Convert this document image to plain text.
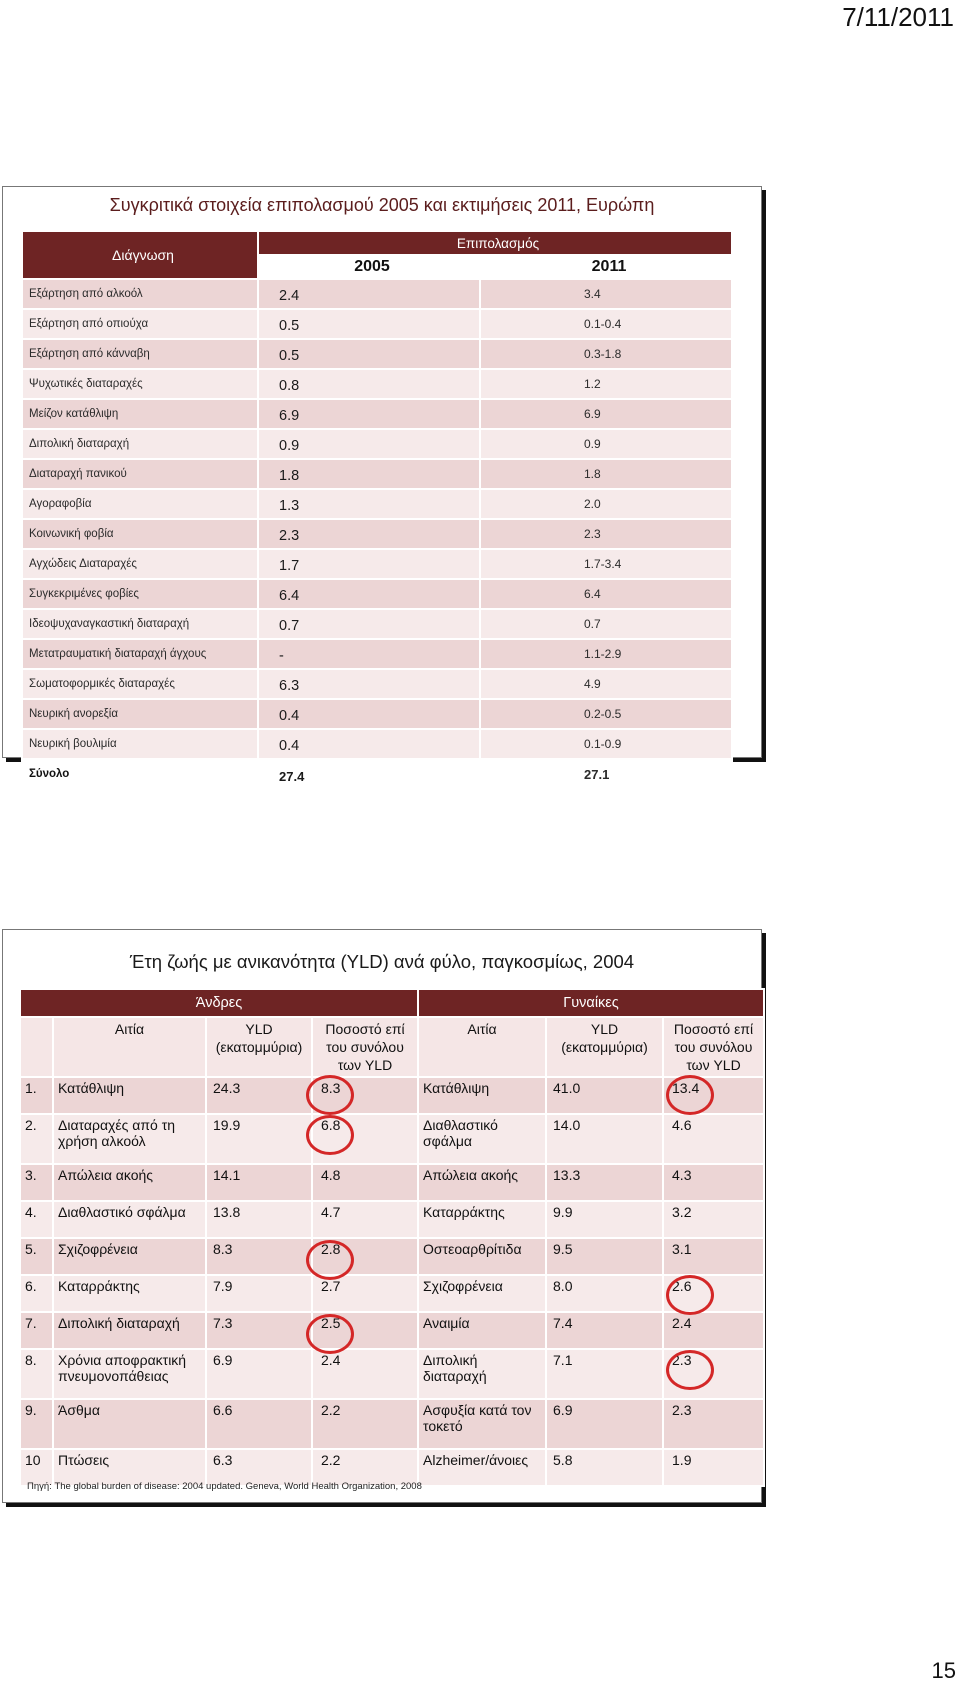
7/11/2011
Συγκριτικά στοιχεία επιπολασμού 2005 και εκτιμήσεις 2011, Ευρώπη
Διάγνωση	Επιπολασμός	
	2005	2011
Εξάρτηση από αλκοόλ	2.4	3.4
Εξάρτηση από οπιούχα	0.5	0.1-0.4
Εξάρτηση από κάνναβη	0.5	0.3-1.8
Ψυχωτικές διαταραχές	0.8	1.2
Μείζον κατάθλιψη	6.9	6.9
Διπολική διαταραχή	0.9	0.9
Διαταραχή πανικού	1.8	1.8
Αγοραφοβία	1.3	2.0
Κοινωνική φοβία	2.3	2.3
Αγχώδεις Διαταραχές	1.7	1.7-3.4
Συγκεκριμένες φοβίες	6.4	6.4
Ιδεοψυχαναγκαστική διαταραχή	0.7	0.7
Μετατραυματική διαταραχή άγχους	-	1.1-2.9
Σωματοφορμικές διαταραχές	6.3	4.9
Νευρική ανορεξία	0.4	0.2-0.5
Νευρική βουλιμία	0.4	0.1-0.9
Σύνολο	27.4	27.1
Έτη ζωής με ανικανότητα (YLD) ανά φύλο, παγκοσμίως, 2004
Άνδρες				Γυναίκες		
	Αιτία	YLD (εκατομμύρια)	Ποσοστό επί του συνόλου των YLD	Αιτία	YLD (εκατομμύρια)	Ποσοστό επί του συνόλου των YLD
1.	Κατάθλιψη	24.3	8.3	Κατάθλιψη	41.0	13.4
2.	Διαταραχές από τη χρήση αλκοόλ	19.9	6.8	Διαθλαστικό σφάλμα	14.0	4.6
3.	Απώλεια ακοής	14.1	4.8	Απώλεια ακοής	13.3	4.3
4.	Διαθλαστικό σφάλμα	13.8	4.7	Καταρράκτης	9.9	3.2
5.	Σχιζοφρένεια	8.3	2.8	Οστεοαρθρίτιδα	9.5	3.1
6.	Καταρράκτης	7.9	2.7	Σχιζοφρένεια	8.0	2.6
7.	Διπολική διαταραχή	7.3	2.5	Αναιμία	7.4	2.4
8.	Χρόνια αποφρακτική πνευμονοπάθειας	6.9	2.4	Διπολική διαταραχή	7.1	2.3
9.	Άσθμα	6.6	2.2	Ασφυξία κατά τον τοκετό	6.9	2.3
10	Πτώσεις	6.3	2.2	Alzheimer/άνοιες	5.8	1.9
Πηγή: The global burden of disease: 2004 updated. Geneva, World Health Organization, 2008
15
